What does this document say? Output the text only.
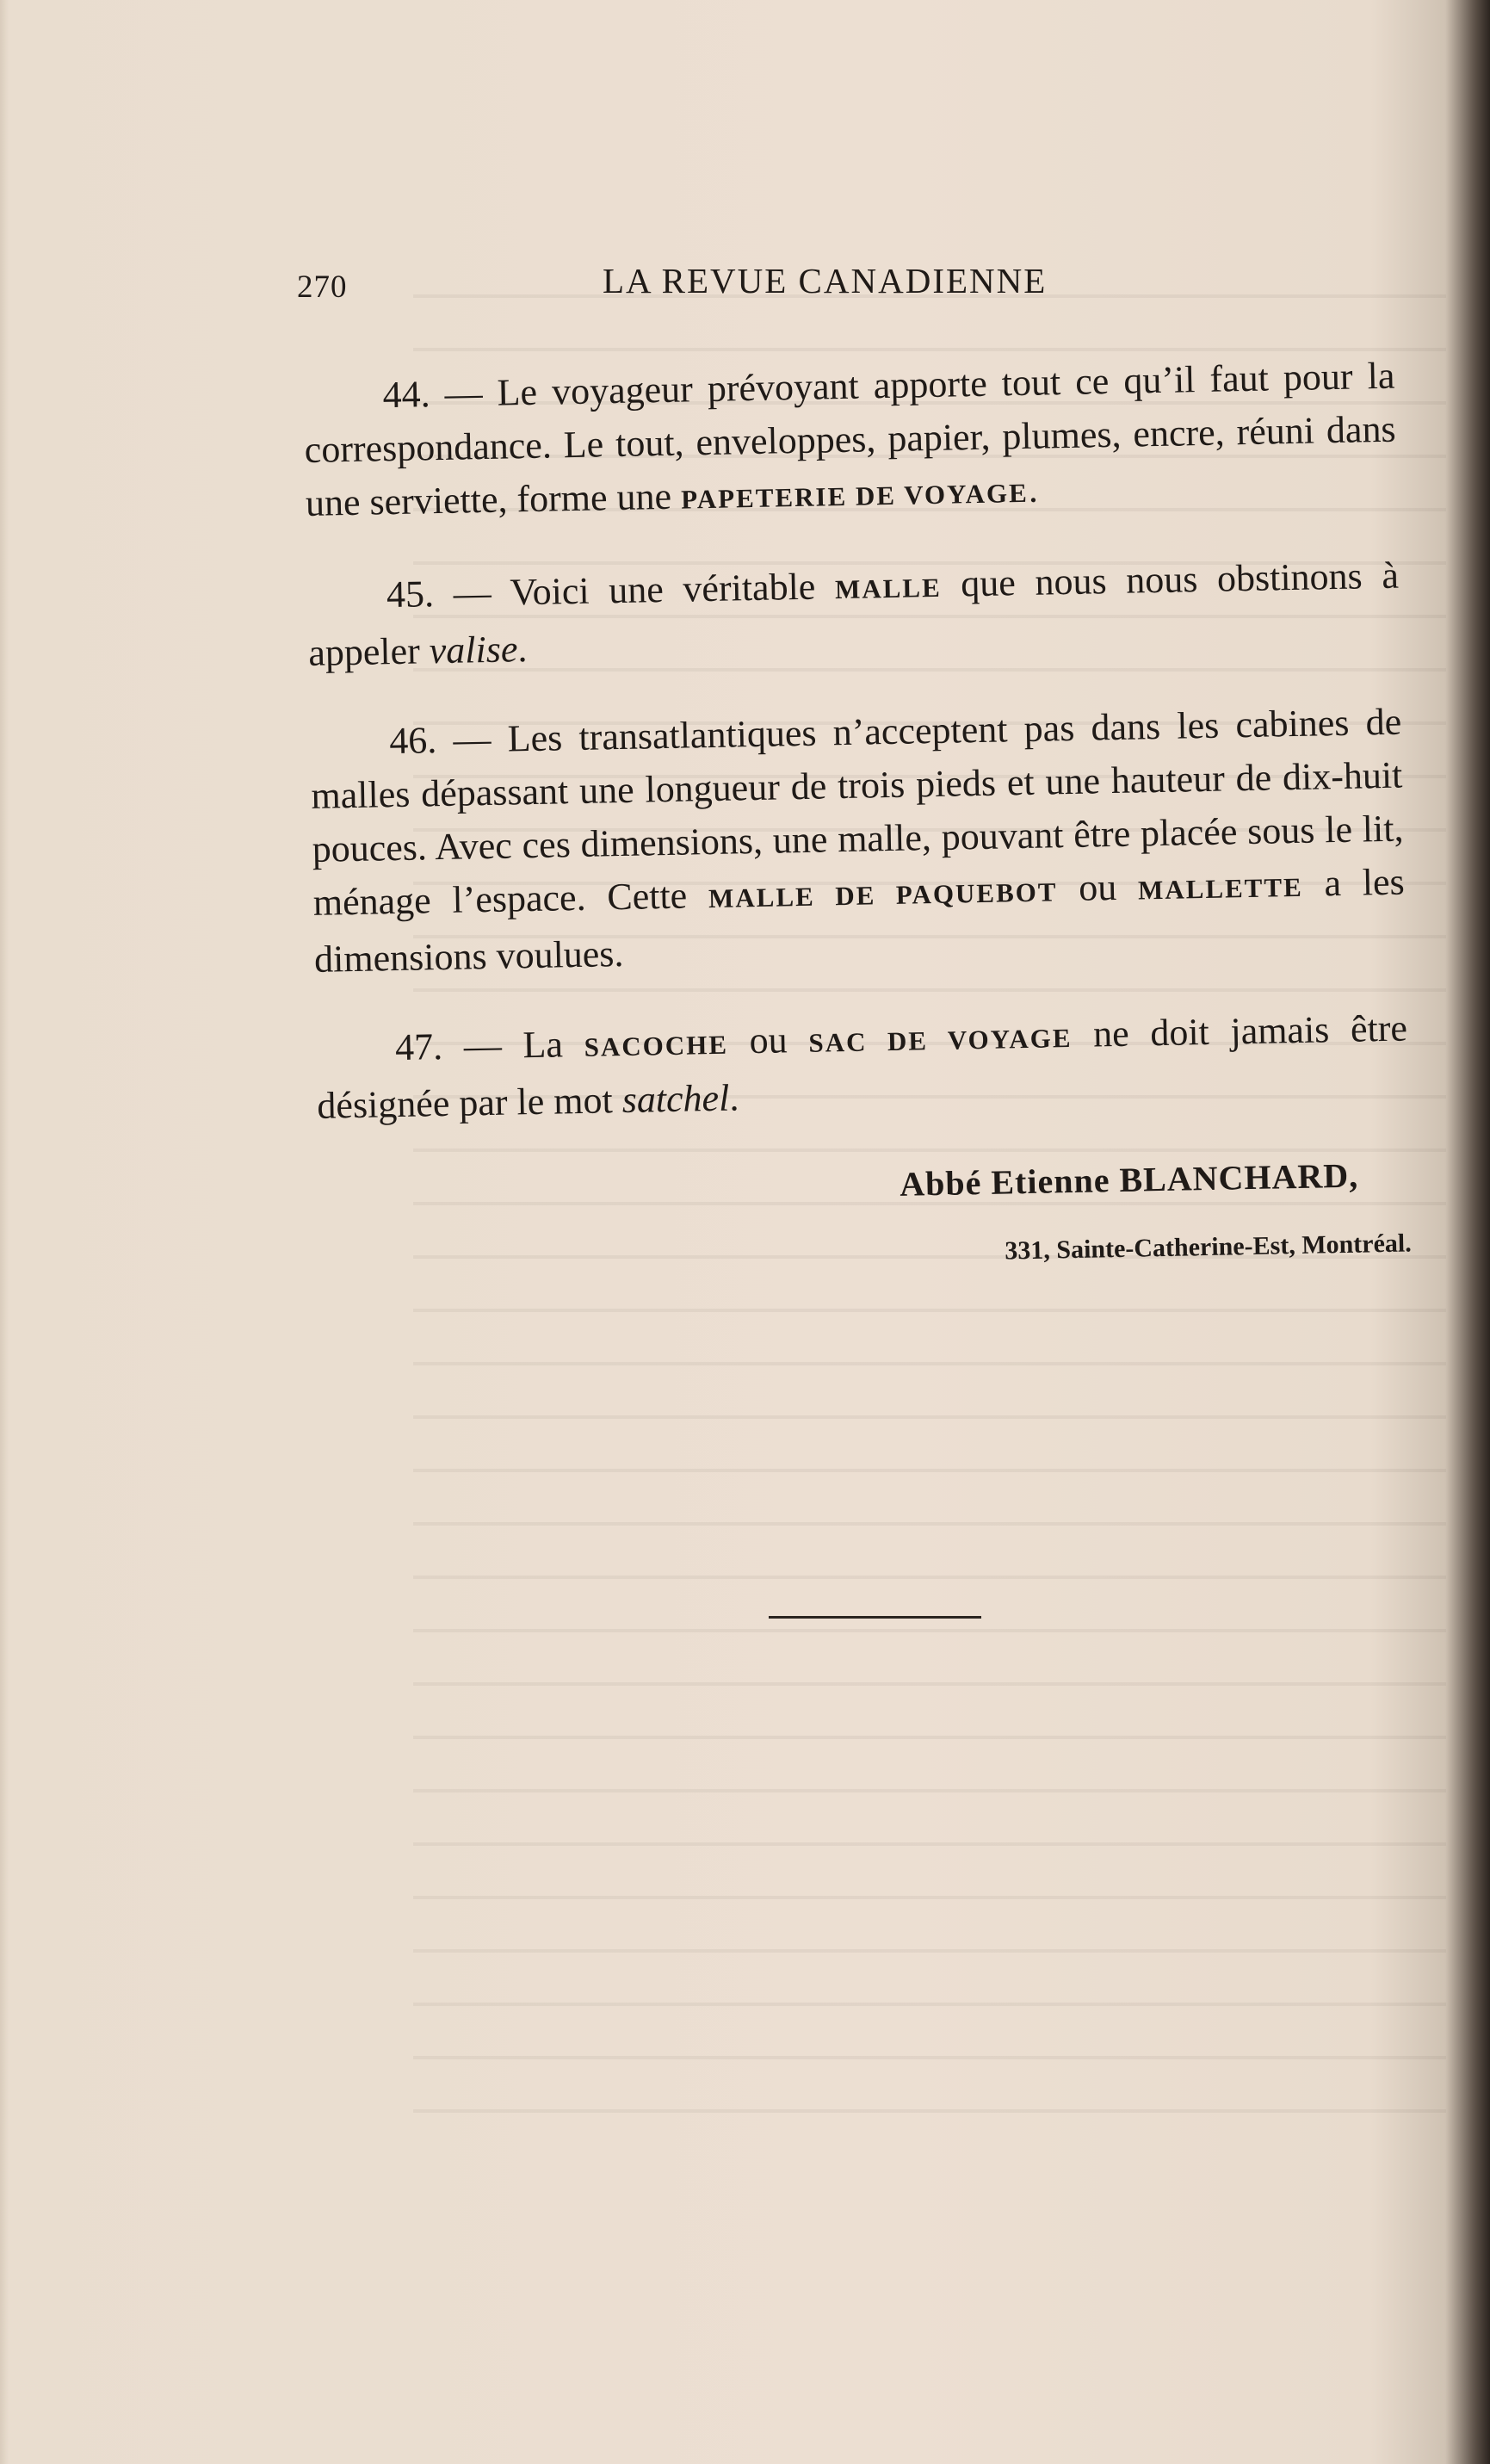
270	LA REVUE CANADIENNE

44. — Le voyageur prévoyant apporte tout ce qu’il faut pour la correspondance. Le tout, enveloppes, papier, plumes, encre, réuni dans une serviette, forme une PAPETERIE DE VOYAGE.

45. — Voici une véritable MALLE que nous nous obstinons à appeler valise.

46. — Les transatlantiques n’acceptent pas dans les cabines de malles dépassant une longueur de trois pieds et une hauteur de dix-huit pouces. Avec ces dimensions, une malle, pouvant être placée sous le lit, ménage l’espace. Cette MALLE DE PAQUEBOT ou MALLETTE a les dimensions voulues.

47. — La SACOCHE ou SAC DE VOYAGE ne doit jamais être désignée par le mot satchel.

Abbé Etienne BLANCHARD,
331, Sainte-Catherine-Est, Montréal.
